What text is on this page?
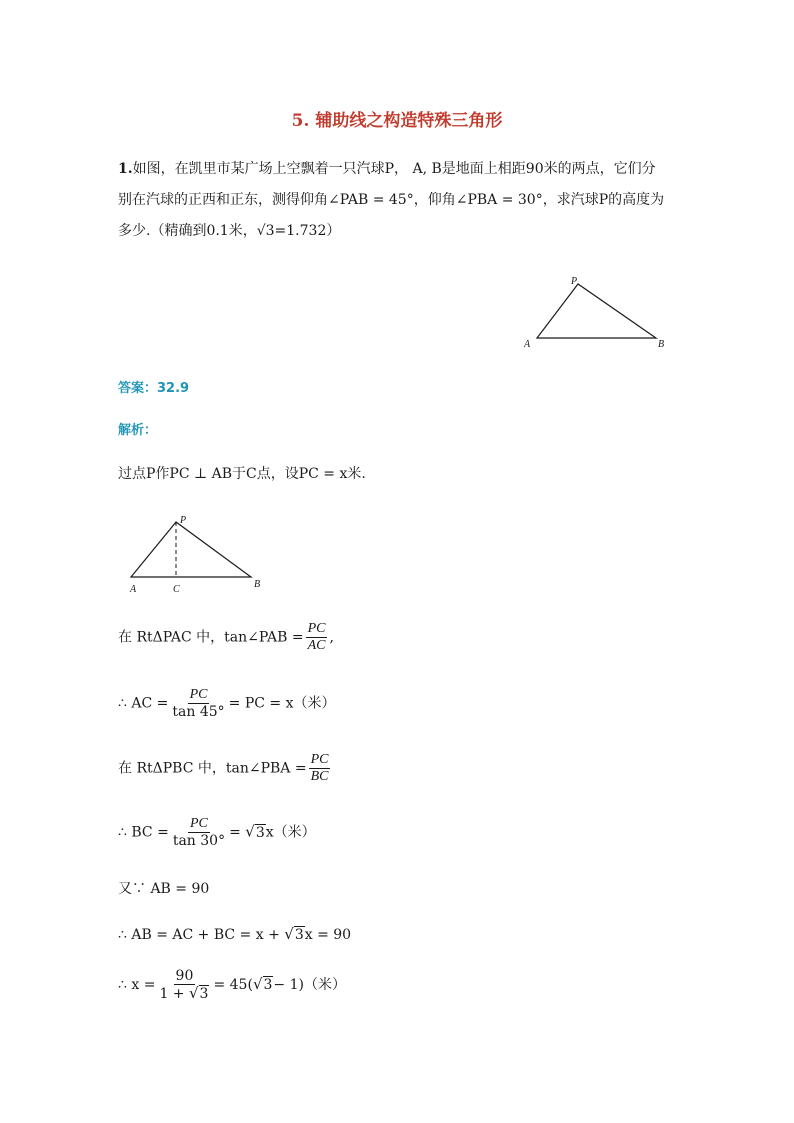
5. 辅助线之构造特殊三角形
1.如图，在凯里市某广场上空飘着一只汽球P， A, B是地面上相距90米的两点，它们分
别在汽球的正西和正东，测得仰角∠PAB = 45°，仰角∠PBA = 30°，求汽球P的高度为
多少.（精确到0.1米，√3=1.732）
P
A	B
答案：32.9
解析：
过点P作PC ⊥ AB于C点，设PC = x米.
P
A	C	B
在 RtΔPAC 中，tan∠PAB = $\frac{PC}{AC}$ ,
∴ AC = $\frac{PC}{\tan 45^\circ}$ = PC = x（米）
在 RtΔPBC 中，tan∠PBA = $\frac{PC}{BC}$
∴ BC = $\frac{PC}{\tan 30^\circ} = √3x$（米）
又∵ AB = 90
∴ AB = AC + BC = x + √3x = 90
∴ $x = \frac{90}{1 + √3} = 45(√3- 1)$（米）
